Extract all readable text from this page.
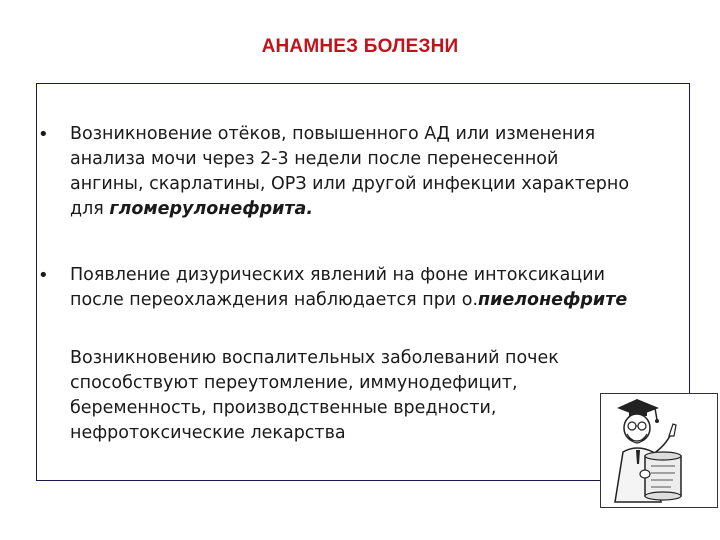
АНАМНЕЗ БОЛЕЗНИ
• Возникновение отёков, повышенного АД или изменения
анализа мочи через 2-3 недели после перенесенной
ангины, скарлатины, ОРЗ или другой инфекции характерно
для гломерулонефрита.
• Появление дизурических явлений на фоне интоксикации
после переохлаждения наблюдается при о.пиелонефрите
Возникновению воспалительных заболеваний почек
способствуют переутомление, иммунодефицит,
беременность, производственные вредности,
нефротоксические лекарства
